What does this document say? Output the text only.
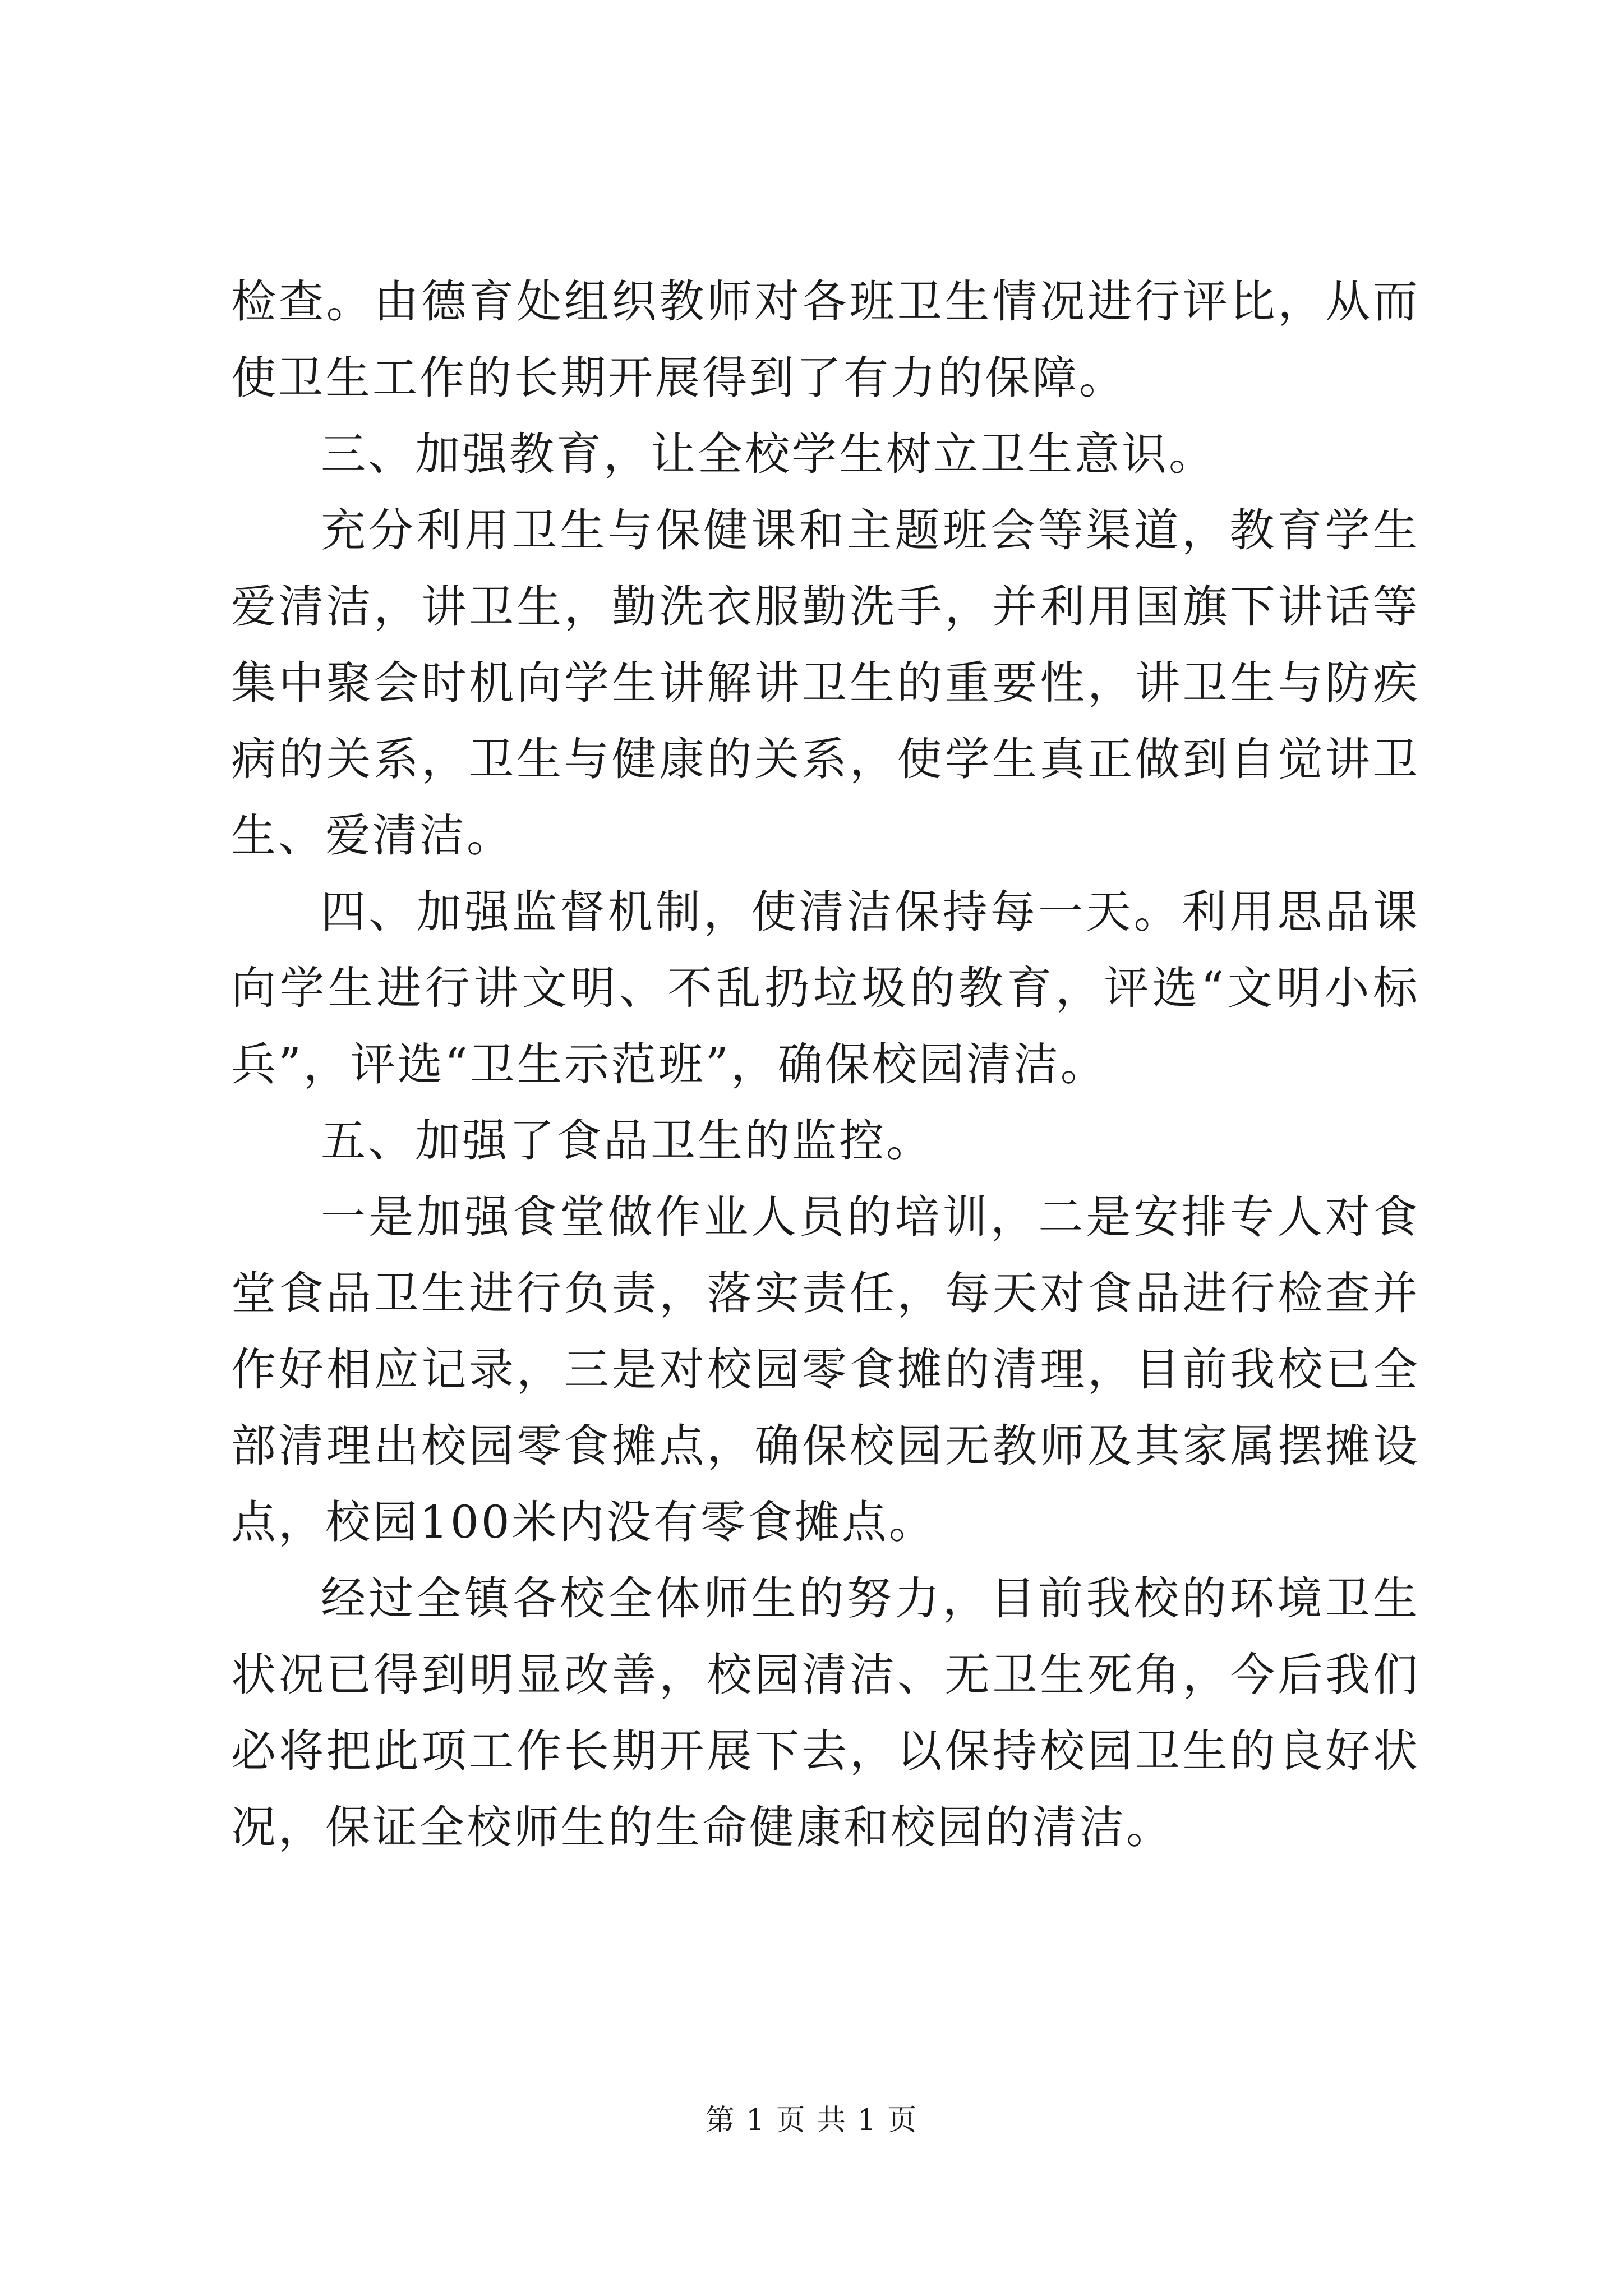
检查。由德育处组织教师对各班卫生情况进行评比，从而使卫生工作的长期开展得到了有力的保障。

三、加强教育，让全校学生树立卫生意识。

充分利用卫生与保健课和主题班会等渠道，教育学生爱清洁，讲卫生，勤洗衣服勤洗手，并利用国旗下讲话等集中聚会时机向学生讲解讲卫生的重要性，讲卫生与防疾病的关系，卫生与健康的关系，使学生真正做到自觉讲卫生、爱清洁。

四、加强监督机制，使清洁保持每一天。利用思品课向学生进行讲文明、不乱扔垃圾的教育，评选“文明小标兵”，评选“卫生示范班”，确保校园清洁。

五、加强了食品卫生的监控。

一是加强食堂做作业人员的培训，二是安排专人对食堂食品卫生进行负责，落实责任，每天对食品进行检查并作好相应记录，三是对校园零食摊的清理，目前我校已全部清理出校园零食摊点，确保校园无教师及其家属摆摊设点，校园100米内没有零食摊点。

经过全镇各校全体师生的努力，目前我校的环境卫生状况已得到明显改善，校园清洁、无卫生死角，今后我们必将把此项工作长期开展下去，以保持校园卫生的良好状况，保证全校师生的生命健康和校园的清洁。

第 1 页 共 1 页
